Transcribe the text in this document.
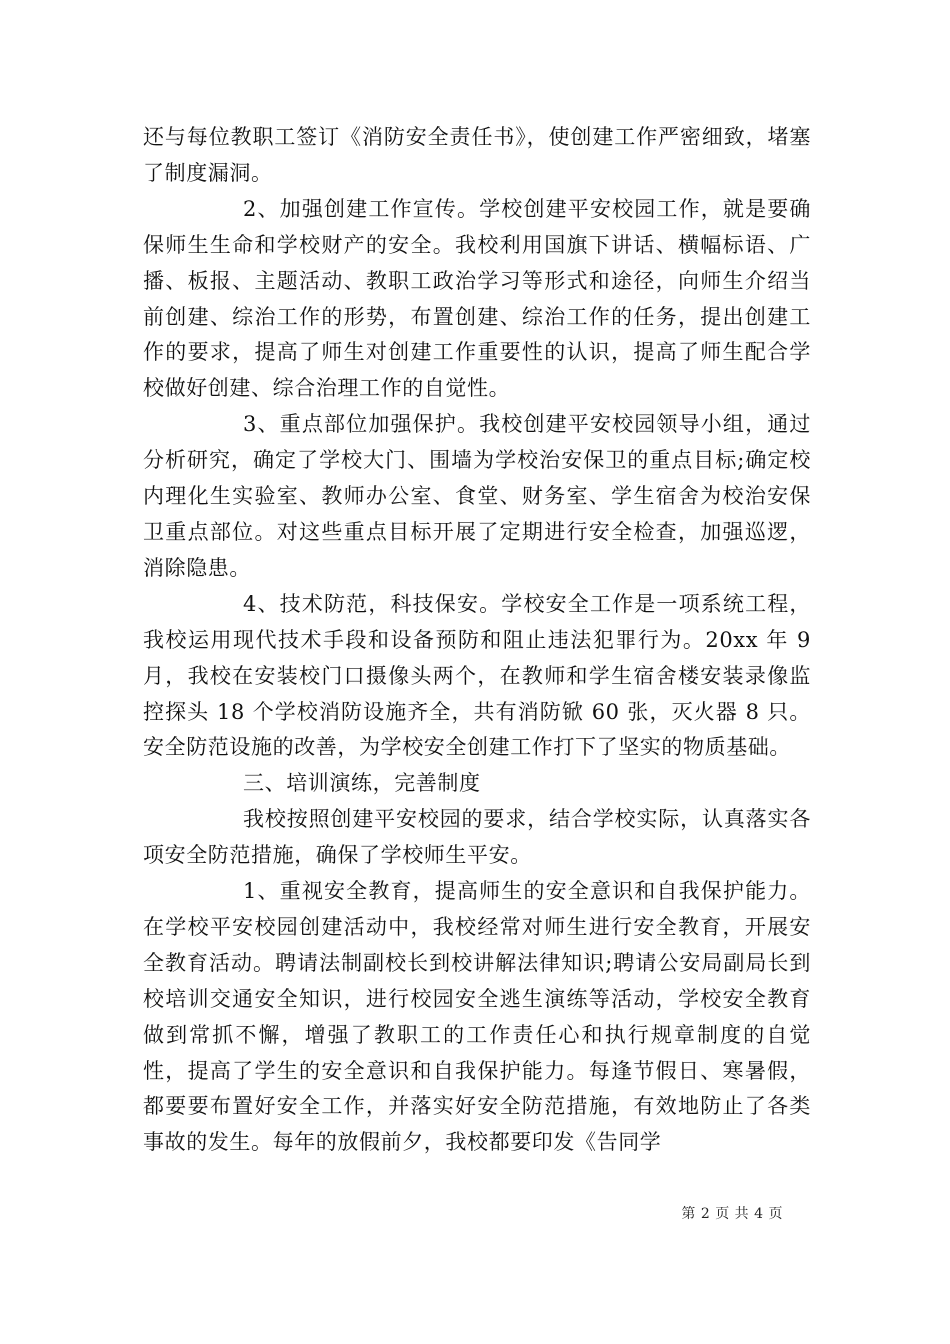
还与每位教职工签订《消防安全责任书》，使创建工作严密细致，堵塞了制度漏洞。

2、加强创建工作宣传。学校创建平安校园工作，就是要确保师生生命和学校财产的安全。我校利用国旗下讲话、横幅标语、广播、板报、主题活动、教职工政治学习等形式和途径，向师生介绍当前创建、综治工作的形势，布置创建、综治工作的任务，提出创建工作的要求，提高了师生对创建工作重要性的认识，提高了师生配合学校做好创建、综合治理工作的自觉性。

3、重点部位加强保护。我校创建平安校园领导小组，通过分析研究，确定了学校大门、围墙为学校治安保卫的重点目标;确定校内理化生实验室、教师办公室、食堂、财务室、学生宿舍为校治安保卫重点部位。对这些重点目标开展了定期进行安全检查，加强巡逻，消除隐患。

4、技术防范，科技保安。学校安全工作是一项系统工程，我校运用现代技术手段和设备预防和阻止违法犯罪行为。20xx 年 9 月，我校在安装校门口摄像头两个，在教师和学生宿舍楼安装录像监控探头 18 个学校消防设施齐全，共有消防锨 60 张，灭火器 8 只。安全防范设施的改善，为学校安全创建工作打下了坚实的物质基础。

三、培训演练，完善制度

我校按照创建平安校园的要求，结合学校实际，认真落实各项安全防范措施，确保了学校师生平安。

1、重视安全教育，提高师生的安全意识和自我保护能力。在学校平安校园创建活动中，我校经常对师生进行安全教育，开展安全教育活动。聘请法制副校长到校讲解法律知识;聘请公安局副局长到校培训交通安全知识，进行校园安全逃生演练等活动，学校安全教育做到常抓不懈，增强了教职工的工作责任心和执行规章制度的自觉性，提高了学生的安全意识和自我保护能力。每逢节假日、寒暑假，都要要布置好安全工作，并落实好安全防范措施，有效地防止了各类事故的发生。每年的放假前夕，我校都要印发《告同学

第 2 页 共 4 页
